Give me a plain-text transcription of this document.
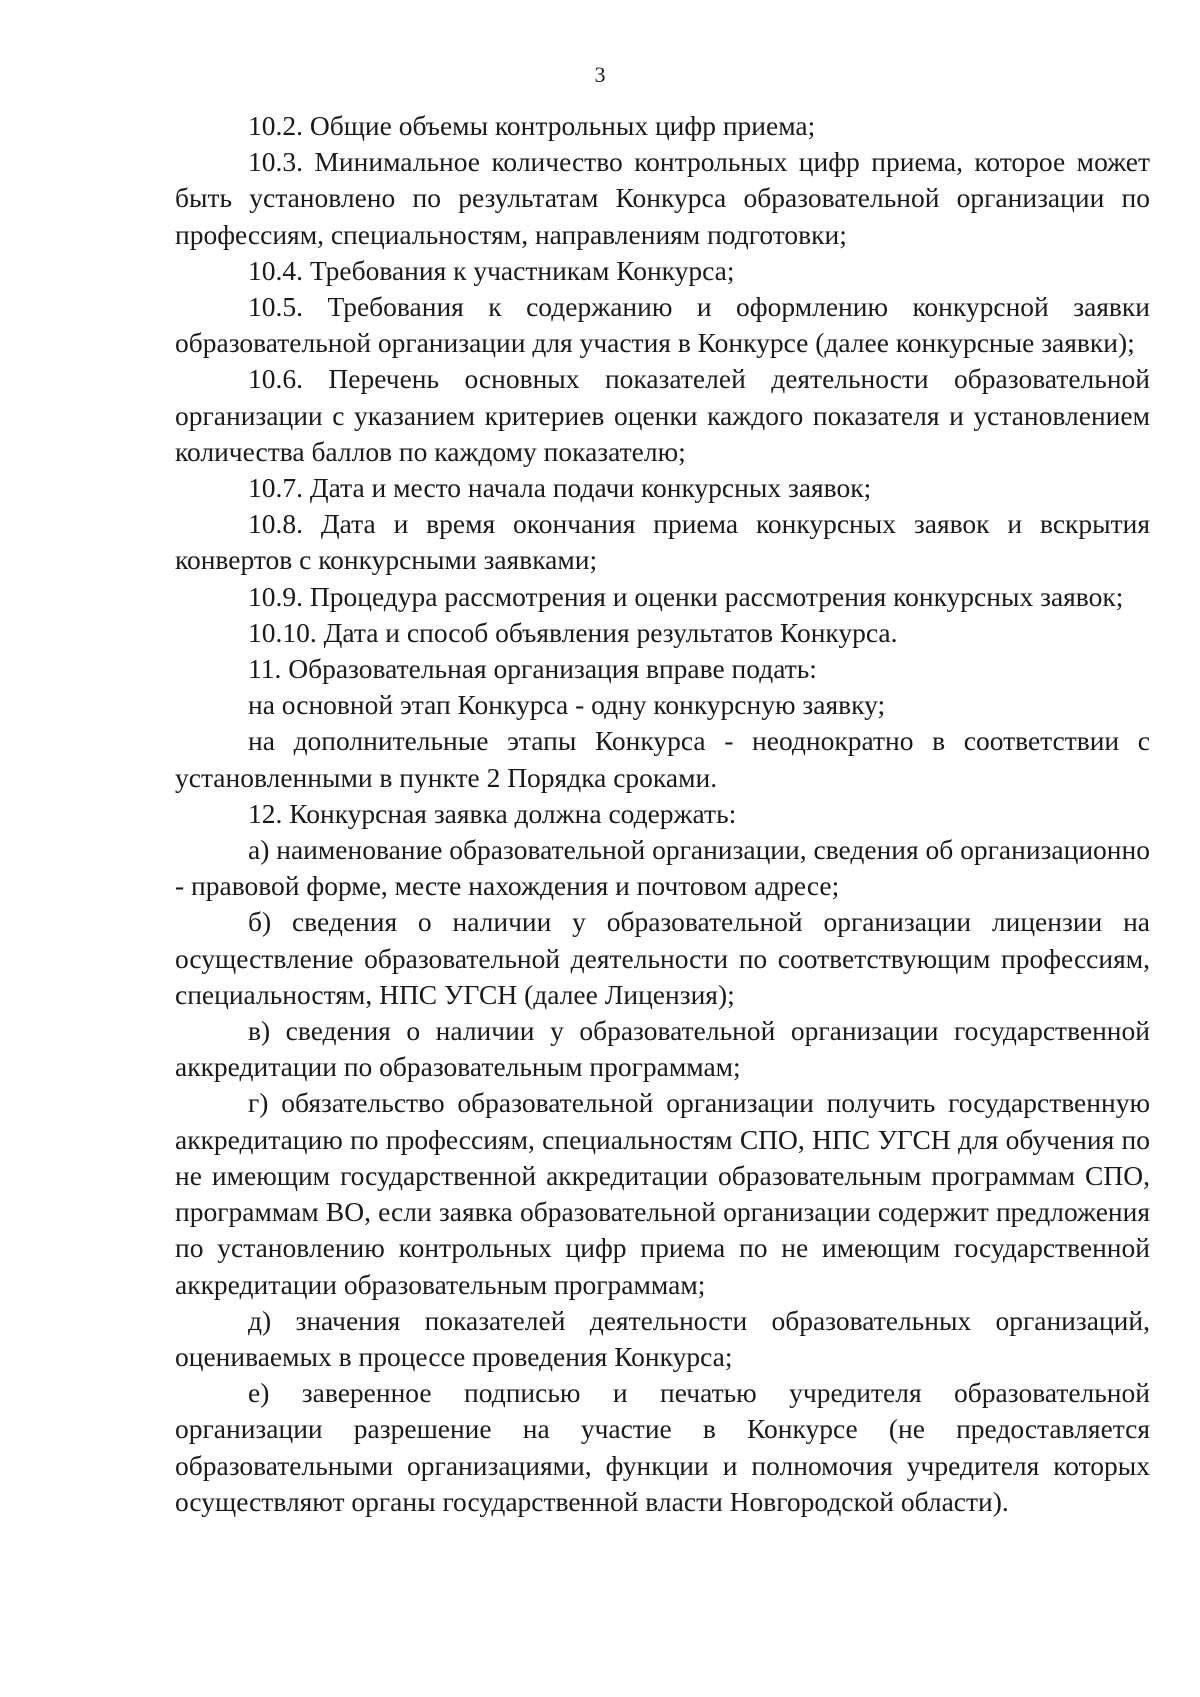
3

10.2. Общие объемы контрольных цифр приема;

10.3. Минимальное количество контрольных цифр приема, которое может быть установлено по результатам Конкурса образовательной организации по профессиям, специальностям, направлениям подготовки;

10.4. Требования к участникам Конкурса;

10.5. Требования к содержанию и оформлению конкурсной заявки образовательной организации для участия в Конкурсе (далее конкурсные заявки);

10.6. Перечень основных показателей деятельности образовательной организации с указанием критериев оценки каждого показателя и установлением количества баллов по каждому показателю;

10.7. Дата и место начала подачи конкурсных заявок;

10.8. Дата и время окончания приема конкурсных заявок и вскрытия конвертов с конкурсными заявками;

10.9. Процедура рассмотрения и оценки рассмотрения конкурсных заявок;

10.10. Дата и способ объявления результатов Конкурса.

11. Образовательная организация вправе подать:

на основной этап Конкурса - одну конкурсную заявку;

на дополнительные этапы Конкурса - неоднократно в соответствии с установленными в пункте 2 Порядка сроками.

12. Конкурсная заявка должна содержать:

а) наименование образовательной организации, сведения об организационно - правовой форме, месте нахождения и почтовом адресе;

б) сведения о наличии у образовательной организации лицензии на осуществление образовательной деятельности по соответствующим профессиям, специальностям, НПС УГСН (далее Лицензия);

в) сведения о наличии у образовательной организации государственной аккредитации по образовательным программам;

г) обязательство образовательной организации получить государственную аккредитацию по профессиям, специальностям СПО, НПС УГСН для обучения по не имеющим государственной аккредитации образовательным программам СПО, программам ВО, если заявка образовательной организации содержит предложения по установлению контрольных цифр приема по не имеющим государственной аккредитации образовательным программам;

д) значения показателей деятельности образовательных организаций, оцениваемых в процессе проведения Конкурса;

е) заверенное подписью и печатью учредителя образовательной организации разрешение на участие в Конкурсе (не предоставляется образовательными организациями, функции и полномочия учредителя которых осуществляют органы государственной власти Новгородской области).
